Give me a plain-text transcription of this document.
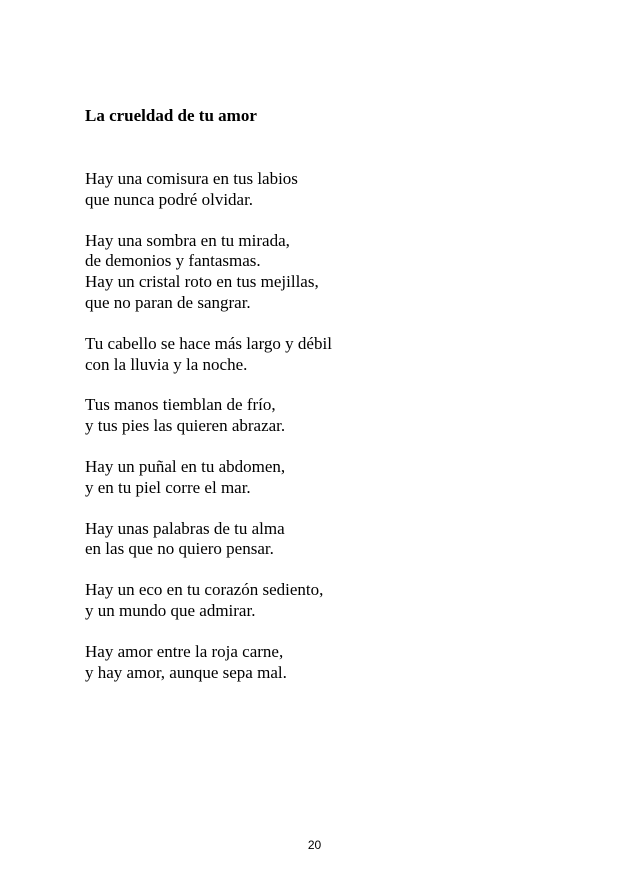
La crueldad de tu amor
Hay una comisura en tus labios
que nunca podré olvidar.
Hay una sombra en tu mirada,
de demonios y fantasmas.
Hay un cristal roto en tus mejillas,
que no paran de sangrar.
Tu cabello se hace más largo y débil
con la lluvia y la noche.
Tus manos tiemblan de frío,
y tus pies las quieren abrazar.
Hay un puñal en tu abdomen,
y en tu piel corre el mar.
Hay unas palabras de tu alma
en las que no quiero pensar.
Hay un eco en tu corazón sediento,
y un mundo que admirar.
Hay amor entre la roja carne,
y hay amor, aunque sepa mal.
20
